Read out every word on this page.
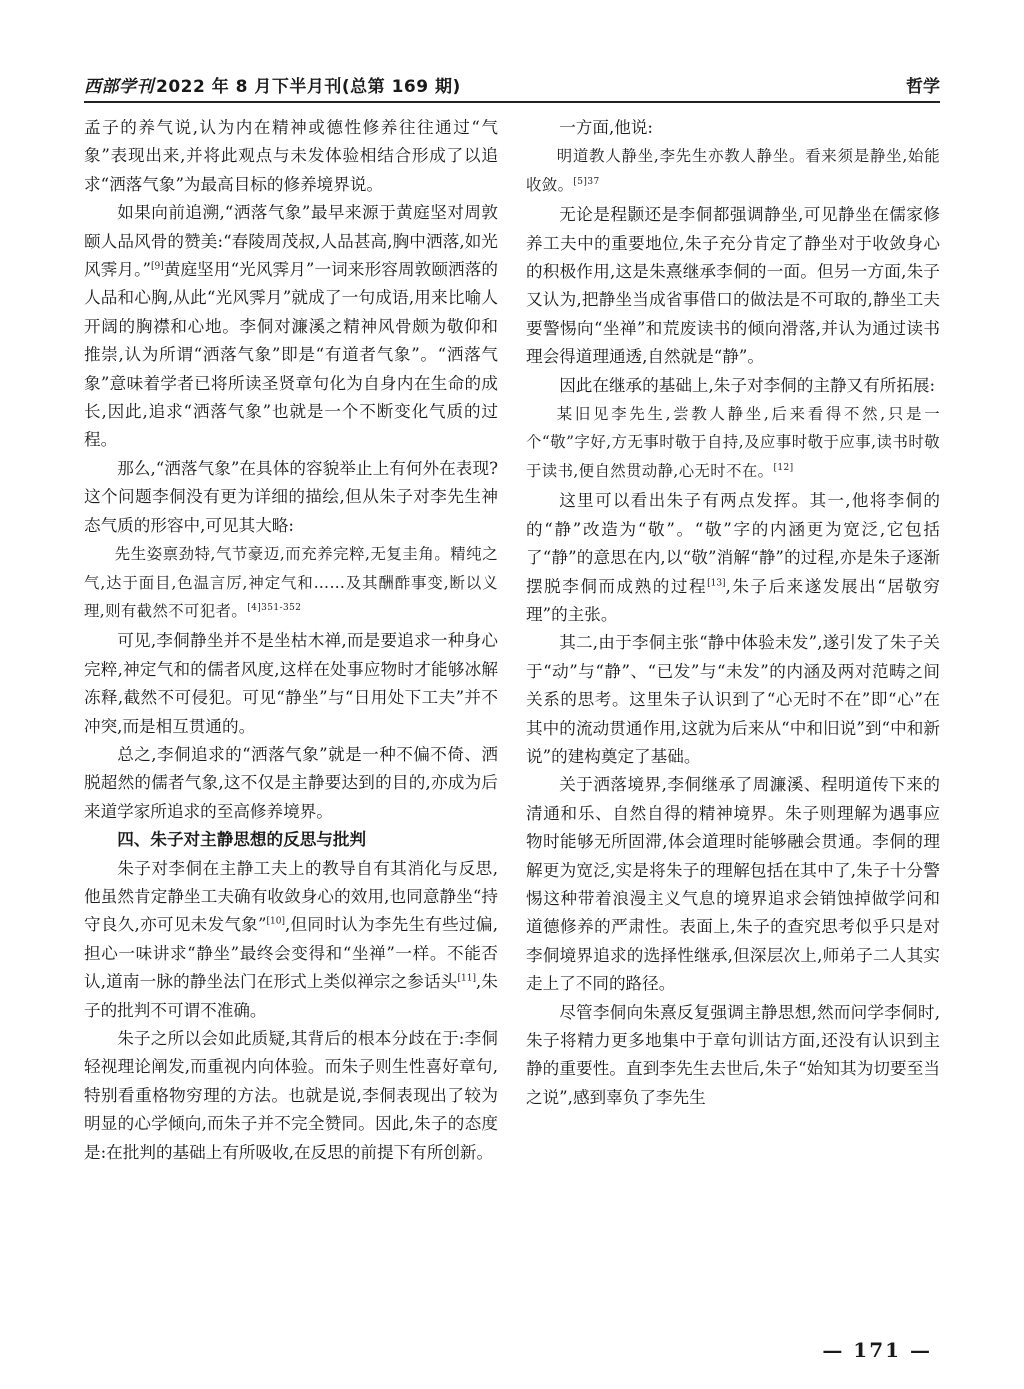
西部学刊 2022 年 8 月下半月刊(总第 169 期)	哲学

孟子的养气说,认为内在精神或德性修养往往通过“气象”表现出来,并将此观点与未发体验相结合形成了以追求“洒落气象”为最高目标的修养境界说。

如果向前追溯,“洒落气象”最早来源于黄庭坚对周敦颐人品风骨的赞美:“春陵周茂叔,人品甚高,胸中洒落,如光风霁月。”[9]黄庭坚用“光风霁月”一词来形容周敦颐洒落的人品和心胸,从此“光风霁月”就成了一句成语,用来比喻人开阔的胸襟和心地。李侗对濂溪之精神风骨颇为敬仰和推崇,认为所谓“洒落气象”即是“有道者气象”。“洒落气象”意味着学者已将所读圣贤章句化为自身内在生命的成长,因此,追求“洒落气象”也就是一个不断变化气质的过程。

那么,“洒落气象”在具体的容貌举止上有何外在表现? 这个问题李侗没有更为详细的描绘,但从朱子对李先生神态气质的形容中,可见其大略:

先生姿禀劲特,气节豪迈,而充养完粹,无复圭角。精纯之气,达于面目,色温言厉,神定气和……及其酬酢事变,断以义理,则有截然不可犯者。$^{[4]351-352}$

可见,李侗静坐并不是坐枯木禅,而是要追求一种身心完粹,神定气和的儒者风度,这样在处事应物时才能够冰解冻释,截然不可侵犯。可见“静坐”与“日用处下工夫”并不冲突,而是相互贯通的。

总之,李侗追求的“洒落气象”就是一种不偏不倚、洒脱超然的儒者气象,这不仅是主静要达到的目的,亦成为后来道学家所追求的至高修养境界。

四、朱子对主静思想的反思与批判

朱子对李侗在主静工夫上的教导自有其消化与反思,他虽然肯定静坐工夫确有收敛身心的效用,也同意静坐“持守良久,亦可见未发气象”[10],但同时认为李先生有些过偏,担心一味讲求“静坐”最终会变得和“坐禅”一样。不能否认,道南一脉的静坐法门在形式上类似禅宗之参话头[11],朱子的批判不可谓不准确。

朱子之所以会如此质疑,其背后的根本分歧在于:李侗轻视理论阐发,而重视内向体验。而朱子则生性喜好章句,特别看重格物穷理的方法。也就是说,李侗表现出了较为明显的心学倾向,而朱子并不完全赞同。因此,朱子的态度是:在批判的基础上有所吸收,在反思的前提下有所创新。

一方面,他说:

明道教人静坐,李先生亦教人静坐。看来须是静坐,始能收敛。$^{[5]37}$

无论是程颢还是李侗都强调静坐,可见静坐在儒家修养工夫中的重要地位,朱子充分肯定了静坐对于收敛身心的积极作用,这是朱熹继承李侗的一面。但另一方面,朱子又认为,把静坐当成省事借口的做法是不可取的,静坐工夫要警惕向“坐禅”和荒废读书的倾向滑落,并认为通过读书理会得道理通透,自然就是“静”。

因此在继承的基础上,朱子对李侗的主静又有所拓展:

某旧见李先生,尝教人静坐,后来看得不然,只是一个“敬”字好,方无事时敬于自持,及应事时敬于应事,读书时敬于读书,便自然贯动静,心无时不在。[12]

这里可以看出朱子有两点发挥。其一,他将李侗的的“静”改造为“敬”。“敬”字的内涵更为宽泛,它包括了“静”的意思在内,以“敬”消解“静”的过程,亦是朱子逐渐摆脱李侗而成熟的过程[13],朱子后来遂发展出“居敬穷理”的主张。

其二,由于李侗主张“静中体验未发”,遂引发了朱子关于“动”与“静”、“已发”与“未发”的内涵及两对范畴之间关系的思考。这里朱子认识到了“心无时不在”即“心”在其中的流动贯通作用,这就为后来从“中和旧说”到“中和新说”的建构奠定了基础。

关于洒落境界,李侗继承了周濂溪、程明道传下来的清通和乐、自然自得的精神境界。朱子则理解为遇事应物时能够无所固滞,体会道理时能够融会贯通。李侗的理解更为宽泛,实是将朱子的理解包括在其中了,朱子十分警惕这种带着浪漫主义气息的境界追求会销蚀掉做学问和道德修养的严肃性。表面上,朱子的查究思考似乎只是对李侗境界追求的选择性继承,但深层次上,师弟子二人其实走上了不同的路径。

尽管李侗向朱熹反复强调主静思想,然而问学李侗时,朱子将精力更多地集中于章句训诂方面,还没有认识到主静的重要性。直到李先生去世后,朱子“始知其为切要至当之说”,感到辜负了李先生

— 171 —
